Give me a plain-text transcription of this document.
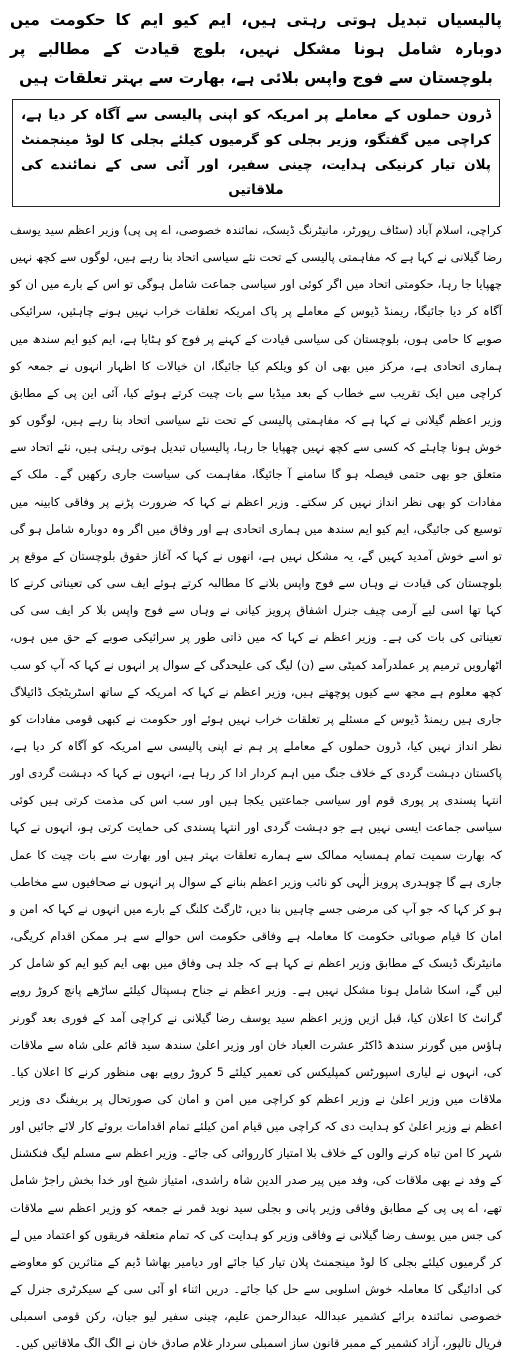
پالیسیاں تبدیل ہوتی رہتی ہیں، ایم کیو ایم کا حکومت میں دوبارہ شامل ہونا مشکل نہیں، بلوچ قیادت کے مطالبے پر بلوچستان سے فوج واپس بلائی ہے، بھارت سے بہتر تعلقات ہیں
ڈرون حملوں کے معاملے پر امریکہ کو اپنی پالیسی سے آگاہ کر دیا ہے، کراچی میں گفتگو، وزیر بجلی کو گرمیوں کیلئے بجلی کا لوڈ مینجمنٹ پلان تیار کرنیکی ہدایت، چینی سفیر، اور آئی سی کے نمائندے کی ملاقاتیں

کراچی، اسلام آباد (سٹاف رپورٹر، مانیٹرنگ ڈیسک، نمائندہ خصوصی، اے پی پی) وزیر اعظم سید یوسف رضا گیلانی نے کہا ہے کہ مفاہمتی پالیسی کے تحت نئے سیاسی اتحاد بنا رہے ہیں، لوگوں سے کچھ نہیں چھپایا جا رہا، حکومتی اتحاد میں اگر کوئی اور سیاسی جماعت شامل ہوگی تو اس کے بارے میں ان کو آگاہ کر دیا جائیگا، ریمنڈ ڈیوس کے معاملے پر پاک امریکہ تعلقات خراب نہیں ہونے چاہئیں، سرائیکی صوبے کا حامی ہوں، بلوچستان کی سیاسی قیادت کے کہنے پر فوج کو ہٹایا ہے، ایم کیو ایم سندھ میں ہماری اتحادی ہے، مرکز میں بھی ان کو ویلکم کیا جائیگا، ان خیالات کا اظہار انہوں نے جمعہ کو کراچی میں ایک تقریب سے خطاب کے بعد میڈیا سے بات چیت کرتے ہوئے کیا، آئی این پی کے مطابق وزیر اعظم گیلانی نے کہا ہے کہ مفاہمتی پالیسی کے تحت نئے سیاسی اتحاد بنا رہے ہیں، لوگوں کو خوش ہونا چاہئے کہ کسی سے کچھ نہیں چھپایا جا رہا، پالیسیاں تبدیل ہوتی رہتی ہیں، نئے اتحاد سے متعلق جو بھی حتمی فیصلہ ہو گا سامنے آ جائیگا، مفاہمت کی سیاست جاری رکھیں گے۔ ملک کے مفادات کو بھی نظر انداز نہیں کر سکتے۔ وزیر اعظم نے کہا کہ ضرورت پڑنے پر وفاقی کابینہ میں توسیع کی جائیگی، ایم کیو ایم سندھ میں ہماری اتحادی ہے اور وفاق میں اگر وہ دوبارہ شامل ہو گی تو اسے خوش آمدید کہیں گے، یہ مشکل نہیں ہے، انھوں نے کہا کہ آغاز حقوق بلوچستان کے موقع پر بلوچستان کی قیادت نے وہاں سے فوج واپس بلانے کا مطالبہ کرتے ہوئے ایف سی کی تعیناتی کرنے کا کہا تھا اسی لیے آرمی چیف جنرل اشفاق پرویز کیانی نے وہاں سے فوج واپس بلا کر ایف سی کی تعیناتی کی بات کی ہے۔ وزیر اعظم نے کہا کہ میں ذاتی طور پر سرائیکی صوبے کے حق میں ہوں، اٹھارویں ترمیم پر عملدرآمد کمیٹی سے (ن) لیگ کی علیحدگی کے سوال پر انہوں نے کہا کہ آپ کو سب کچھ معلوم ہے مجھ سے کیوں پوچھتے ہیں، وزیر اعظم نے کہا کہ امریکہ کے ساتھ اسٹریٹجک ڈائیلاگ جاری ہیں ریمنڈ ڈیوس کے مسئلے پر تعلقات خراب نہیں ہوئے اور حکومت نے کبھی قومی مفادات کو نظر انداز نہیں کیا، ڈرون حملوں کے معاملے پر ہم نے اپنی پالیسی سے امریکہ کو آگاہ کر دیا ہے، پاکستان دہشت گردی کے خلاف جنگ میں اہم کردار ادا کر رہا ہے، انہوں نے کہا کہ دہشت گردی اور انتہا پسندی پر پوری قوم اور سیاسی جماعتیں یکجا ہیں اور سب اس کی مذمت کرتی ہیں کوئی سیاسی جماعت ایسی نہیں ہے جو دہشت گردی اور انتہا پسندی کی حمایت کرتی ہو، انہوں نے کہا کہ بھارت سمیت تمام ہمسایہ ممالک سے ہمارے تعلقات بہتر ہیں اور بھارت سے بات چیت کا عمل جاری ہے گا چوہدری پرویز الٰہی کو نائب وزیر اعظم بنانے کے سوال پر انہوں نے صحافیوں سے مخاطب ہو کر کہا کہ جو آپ کی مرضی جسے چاہیں بنا دیں، ٹارگٹ کلنگ کے بارے میں انہوں نے کہا کہ امن و امان کا قیام صوبائی حکومت کا معاملہ ہے وفاقی حکومت اس حوالے سے ہر ممکن اقدام کریگی، مانیٹرنگ ڈیسک کے مطابق وزیر اعظم نے کہا ہے کہ جلد ہی وفاق میں بھی ایم کیو ایم کو شامل کر لیں گے، اسکا شامل ہونا مشکل نہیں ہے۔ وزیر اعظم نے جناح ہسپتال کیلئے ساڑھے پانچ کروڑ روپے گرانٹ کا اعلان کیا، قبل ازیں وزیر اعظم سید یوسف رضا گیلانی نے کراچی آمد کے فوری بعد گورنر ہاؤس میں گورنر سندھ ڈاکٹر عشرت العباد خان اور وزیر اعلیٰ سندھ سید قائم علی شاہ سے ملاقات کی، انہوں نے لیاری اسپورٹس کمپلیکس کی تعمیر کیلئے 5 کروڑ روپے بھی منظور کرنے کا اعلان کیا۔ ملاقات میں وزیر اعلیٰ نے وزیر اعظم کو کراچی میں امن و امان کی صورتحال پر بریفنگ دی وزیر اعظم نے وزیر اعلیٰ کو ہدایت دی کہ کراچی میں قیام امن کیلئے تمام اقدامات بروئے کار لائے جائیں اور شہر کا امن تباہ کرنے والوں کے خلاف بلا امتیاز کارروائی کی جائے۔ وزیر اعظم سے مسلم لیگ فنکشنل کے وفد نے بھی ملاقات کی، وفد میں پیر صدر الدین شاہ راشدی، امتیاز شیخ اور خدا بخش راجڑ شامل تھے، اے پی پی کے مطابق وفاقی وزیر پانی و بجلی سید نوید قمر نے جمعہ کو وزیر اعظم سے ملاقات کی جس میں یوسف رضا گیلانی نے وفاقی وزیر کو ہدایت کی کہ تمام متعلقہ فریقوں کو اعتماد میں لے کر گرمیوں کیلئے بجلی کا لوڈ مینجمنٹ پلان تیار کیا جائے اور دیامیر بھاشا ڈیم کے متاثرین کو معاوضے کی ادائیگی کا معاملہ خوش اسلوبی سے حل کیا جائے۔ دریں اثناء او آئی سی کے سیکرٹری جنرل کے خصوصی نمائندہ برائے کشمیر عبداللہ عبدالرحمن علیم، چینی سفیر لیو جیان، رکن قومی اسمبلی فریال تالپور، آزاد کشمیر کے ممبر قانون ساز اسمبلی سردار غلام صادق خان نے الگ الگ ملاقاتیں کیں۔
